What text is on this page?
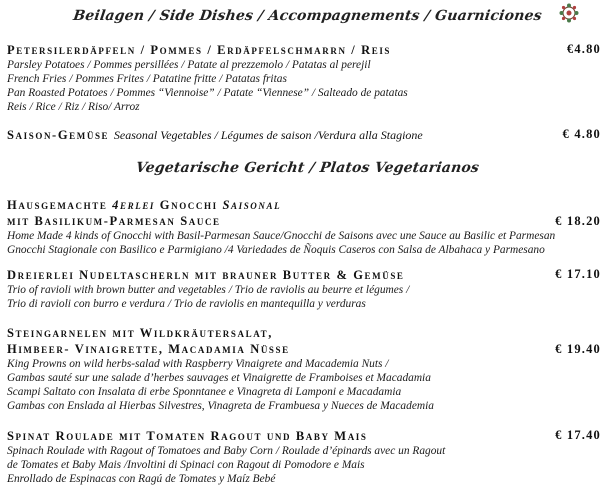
Beilagen / Side Dishes / Accompagnements / Guarniciones
Petersilerdäpfeln / Pommes / Erdäpfelschmarrn / Reis	€4.80
Parsley Potatoes / Pommes persillées / Patate al prezzemolo / Patatas al perejil
French Fries / Pommes Frites / Patatine fritte / Patatas fritas
Pan Roasted Potatoes / Pommes “Viennoise” / Patate “Viennese” / Salteado de patatas
Reis / Rice / Riz / Riso/ Arroz
Saison-Gemüse Seasonal Vegetables / Légumes de saison /Verdura alla Stagione	€ 4.80
Vegetarische Gericht / Platos Vegetarianos
Hausgemachte 4erlei Gnocchi Saisonal
mit Basilikum-Parmesan Sauce	€ 18.20
Home Made 4 kinds of Gnocchi with Basil-Parmesan Sauce/Gnocchi de Saisons avec une Sauce au Basilic et Parmesan
Gnocchi Stagionale con Basilico e Parmigiano /4 Variedades de Ñoquis Caseros con Salsa de Albahaca y Parmesano
Dreierlei Nudeltascherln mit brauner Butter & Gemüse	€ 17.10
Trio of ravioli with brown butter and vegetables / Trio de raviolis au beurre et légumes /
Trio di ravioli con burro e verdura / Trio de raviolis en mantequilla y verduras
Steingarnelen mit Wildkräutersalat,
Himbeer- Vinaigrette, Macadamia Nüsse	€ 19.40
King Prowns on wild herbs-salad with Raspberry Vinaigrete and Macademia Nuts /
Gambas sauté sur une salade d’herbes sauvages et Vinaigrette de Framboises et Macadamia
Scampi Saltato con Insalata di erbe Sponntanee e Vinagreta di Lamponi e Macadamia
Gambas con Enslada al Hierbas Silvestres, Vinagreta de Frambuesa y Nueces de Macademia
Spinat Roulade mit Tomaten Ragout und Baby Mais	€ 17.40
Spinach Roulade with Ragout of Tomatoes and Baby Corn / Roulade d’épinards avec un Ragout
de Tomates et Baby Mais /Involtini di Spinaci con Ragout di Pomodore e Mais
Enrollado de Espinacas con Ragú de Tomates y Maíz Bebé
